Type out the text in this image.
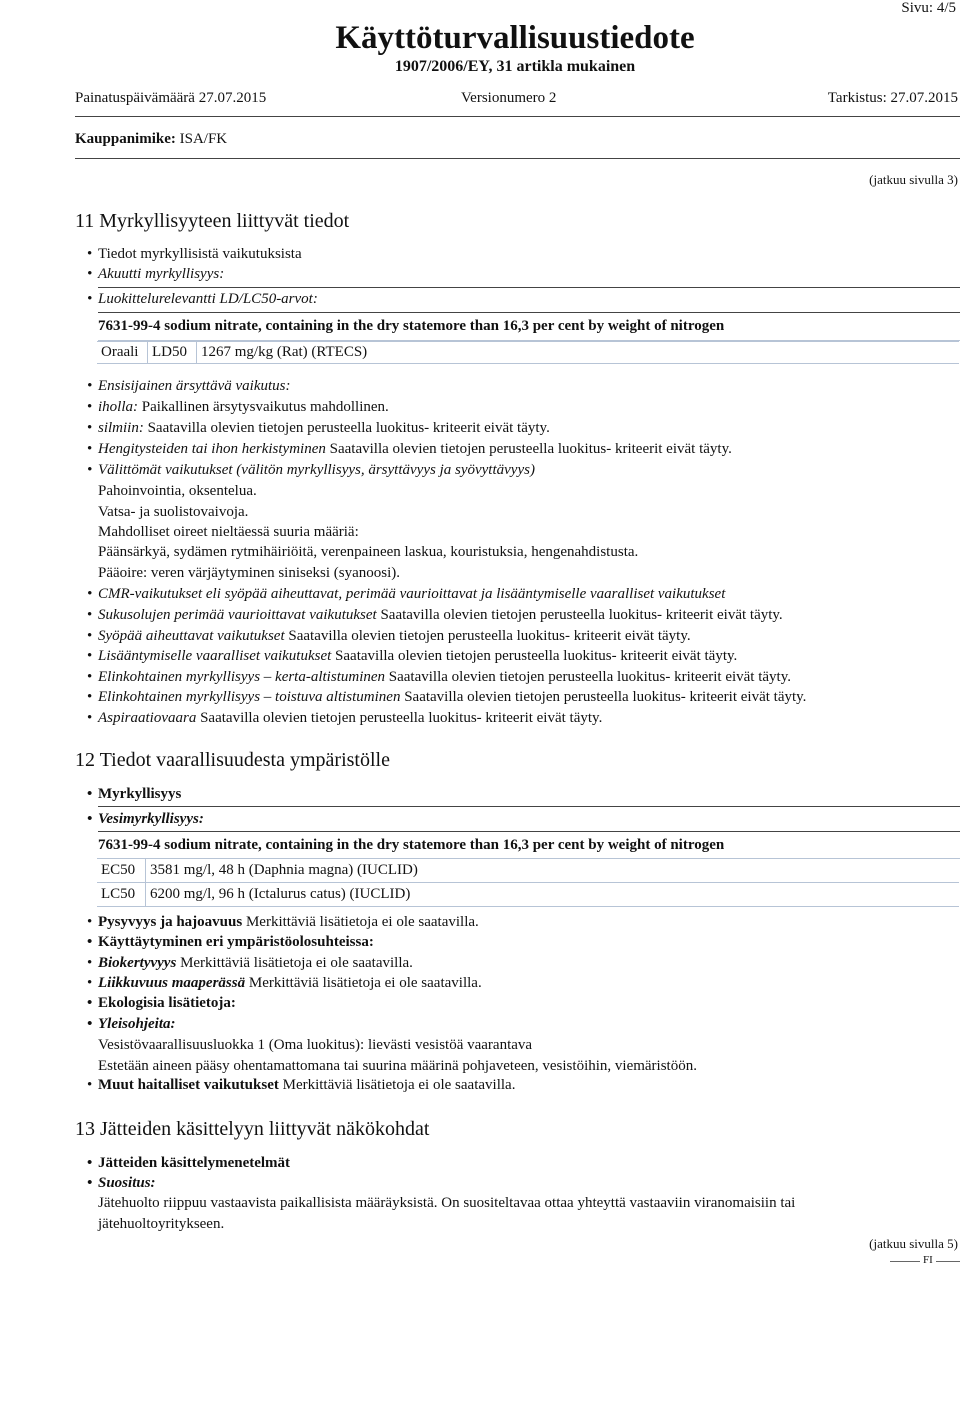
Sivu: 4/5
Käyttöturvallisuustiedote
1907/2006/EY, 31 artikla mukainen
Painatuspäivämäärä 27.07.2015	Versionumero 2	Tarkistus: 27.07.2015
Kauppanimike: ISA/FK
(jatkuu sivulla 3)
11 Myrkyllisyyteen liittyvät tiedot
• Tiedot myrkyllisistä vaikutuksista
• Akuutti myrkyllisyys:
• Luokittelurelevantti LD/LC50-arvot:
7631-99-4 sodium nitrate, containing in the dry statemore than 16,3 per cent by weight of nitrogen
Oraali	LD50	1267 mg/kg (Rat) (RTECS)
• Ensisijainen ärsyttävä vaikutus:
• iholla: Paikallinen ärsytysvaikutus mahdollinen.
• silmiin: Saatavilla olevien tietojen perusteella luokitus- kriteerit eivät täyty.
• Hengitysteiden tai ihon herkistyminen Saatavilla olevien tietojen perusteella luokitus- kriteerit eivät täyty.
• Välittömät vaikutukset (välitön myrkyllisyys, ärsyttävyys ja syövyttävyys)
Pahoinvointia, oksentelua.
Vatsa- ja suolistovaivoja.
Mahdolliset oireet nieltäessä suuria määriä:
Päänsärkyä, sydämen rytmihäiriöitä, verenpaineen laskua, kouristuksia, hengenahdistusta.
Pääoire: veren värjäytyminen siniseksi (syanoosi).
• CMR-vaikutukset eli syöpää aiheuttavat, perimää vaurioittavat ja lisääntymiselle vaaralliset vaikutukset
• Sukusolujen perimää vaurioittavat vaikutukset Saatavilla olevien tietojen perusteella luokitus- kriteerit eivät täyty.
• Syöpää aiheuttavat vaikutukset Saatavilla olevien tietojen perusteella luokitus- kriteerit eivät täyty.
• Lisääntymiselle vaaralliset vaikutukset Saatavilla olevien tietojen perusteella luokitus- kriteerit eivät täyty.
• Elinkohtainen myrkyllisyys – kerta-altistuminen Saatavilla olevien tietojen perusteella luokitus- kriteerit eivät täyty.
• Elinkohtainen myrkyllisyys – toistuva altistuminen Saatavilla olevien tietojen perusteella luokitus- kriteerit eivät täyty.
• Aspiraatiovaara Saatavilla olevien tietojen perusteella luokitus- kriteerit eivät täyty.
12 Tiedot vaarallisuudesta ympäristölle
• Myrkyllisyys
• Vesimyrkyllisyys:
7631-99-4 sodium nitrate, containing in the dry statemore than 16,3 per cent by weight of nitrogen
EC50	3581 mg/l, 48 h (Daphnia magna) (IUCLID)
LC50	6200 mg/l, 96 h (Ictalurus catus) (IUCLID)
• Pysyvyys ja hajoavuus Merkittäviä lisätietoja ei ole saatavilla.
• Käyttäytyminen eri ympäristöolosuhteissa:
• Biokertyvyys Merkittäviä lisätietoja ei ole saatavilla.
• Liikkuvuus maaperässä Merkittäviä lisätietoja ei ole saatavilla.
• Ekologisia lisätietoja:
• Yleisohjeita:
Vesistövaarallisuusluokka 1 (Oma luokitus): lievästi vesistöä vaarantava
Estetään aineen pääsy ohentamattomana tai suurina määrinä pohjaveteen, vesistöihin, viemäristöön.
• Muut haitalliset vaikutukset Merkittäviä lisätietoja ei ole saatavilla.
13 Jätteiden käsittelyyn liittyvät näkökohdat
• Jätteiden käsittelymenetelmät
• Suositus:
Jätehuolto riippuu vastaavista paikallisista määräyksistä. On suositeltavaa ottaa yhteyttä vastaaviin viranomaisiin tai
jätehuoltoyritykseen.
(jatkuu sivulla 5)
FI
